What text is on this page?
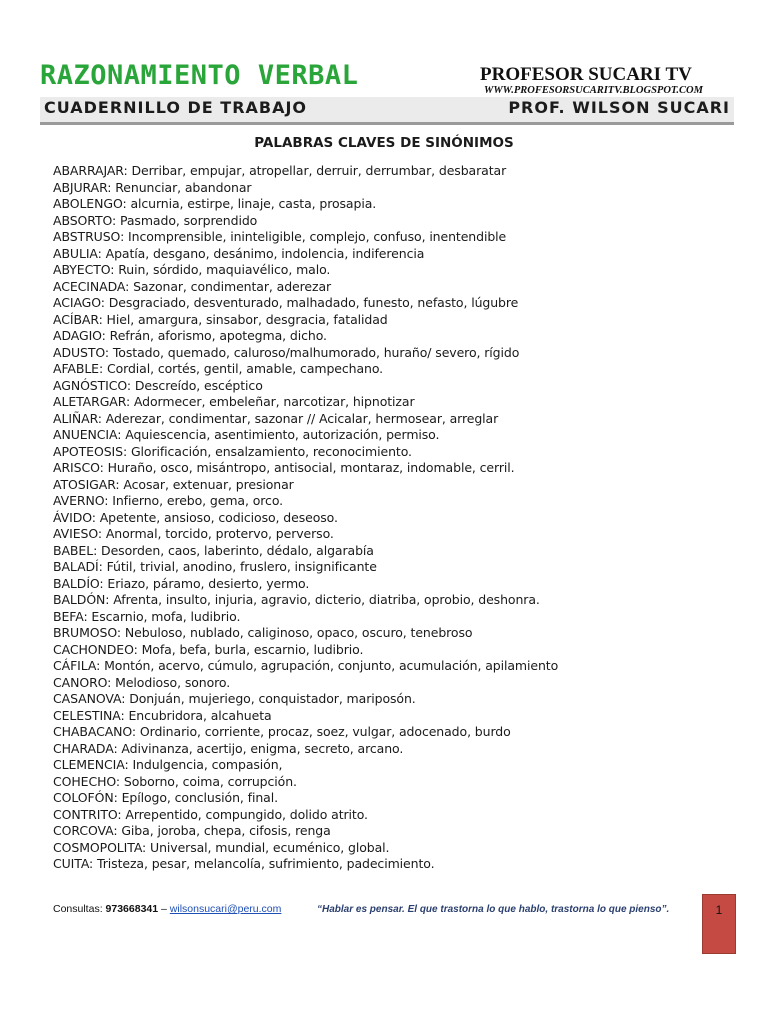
RAZONAMIENTO VERBAL	PROFESOR SUCARI TV
WWW.PROFESORSUCARITV.BLOGSPOT.COM
CUADERNILLO DE TRABAJO	PROF. WILSON SUCARI
PALABRAS CLAVES DE SINÓNIMOS
ABARRAJAR: Derribar, empujar, atropellar, derruir, derrumbar, desbaratar
ABJURAR: Renunciar, abandonar
ABOLENGO: alcurnia, estirpe, linaje, casta, prosapia.
ABSORTO: Pasmado, sorprendido
ABSTRUSO: Incomprensible, ininteligible, complejo, confuso, inentendible
ABULIA: Apatía, desgano, desánimo, indolencia, indiferencia
ABYECTO: Ruin, sórdido, maquiavélico, malo.
ACECINADA: Sazonar, condimentar, aderezar
ACIAGO: Desgraciado, desventurado, malhadado, funesto, nefasto, lúgubre
ACÍBAR: Hiel, amargura, sinsabor, desgracia, fatalidad
ADAGIO: Refrán, aforismo, apotegma, dicho.
ADUSTO: Tostado, quemado, caluroso/malhumorado, huraño/ severo, rígido
AFABLE: Cordial, cortés, gentil, amable, campechano.
AGNÓSTICO: Descreído, escéptico
ALETARGAR: Adormecer, embeleñar, narcotizar, hipnotizar
ALIÑAR: Aderezar, condimentar, sazonar // Acicalar, hermosear, arreglar
ANUENCIA: Aquiescencia, asentimiento, autorización, permiso.
APOTEOSIS: Glorificación, ensalzamiento, reconocimiento.
ARISCO: Huraño, osco, misántropo, antisocial, montaraz, indomable, cerril.
ATOSIGAR: Acosar, extenuar, presionar
AVERNO: Infierno, erebo, gema, orco.
ÁVIDO: Apetente, ansioso, codicioso, deseoso.
AVIESO: Anormal, torcido, protervo, perverso.
BABEL: Desorden, caos, laberinto, dédalo, algarabía
BALADÍ: Fútil, trivial, anodino, fruslero, insignificante
BALDÍO: Eriazo, páramo, desierto, yermo.
BALDÓN: Afrenta, insulto, injuria, agravio, dicterio, diatriba, oprobio, deshonra.
BEFA: Escarnio, mofa, ludibrio.
BRUMOSO: Nebuloso, nublado, caliginoso, opaco, oscuro, tenebroso
CACHONDEO: Mofa, befa, burla, escarnio, ludibrio.
CÁFILA: Montón, acervo, cúmulo, agrupación, conjunto, acumulación, apilamiento
CANORO: Melodioso, sonoro.
CASANOVA: Donjuán, mujeriego, conquistador, mariposón.
CELESTINA: Encubridora, alcahueta
CHABACANO: Ordinario, corriente, procaz, soez, vulgar, adocenado, burdo
CHARADA: Adivinanza, acertijo, enigma, secreto, arcano.
CLEMENCIA: Indulgencia, compasión,
COHECHO: Soborno, coima, corrupción.
COLOFÓN: Epílogo, conclusión, final.
CONTRITO: Arrepentido, compungido, dolido atrito.
CORCOVA: Giba, joroba, chepa, cifosis, renga
COSMOPOLITA: Universal, mundial, ecuménico, global.
CUITA: Tristeza, pesar, melancolía, sufrimiento, padecimiento.
Consultas: 973668341 – wilsonsucari@peru.com	“Hablar es pensar. El que trastorna lo que hablo, trastorna lo que pienso”.	1
